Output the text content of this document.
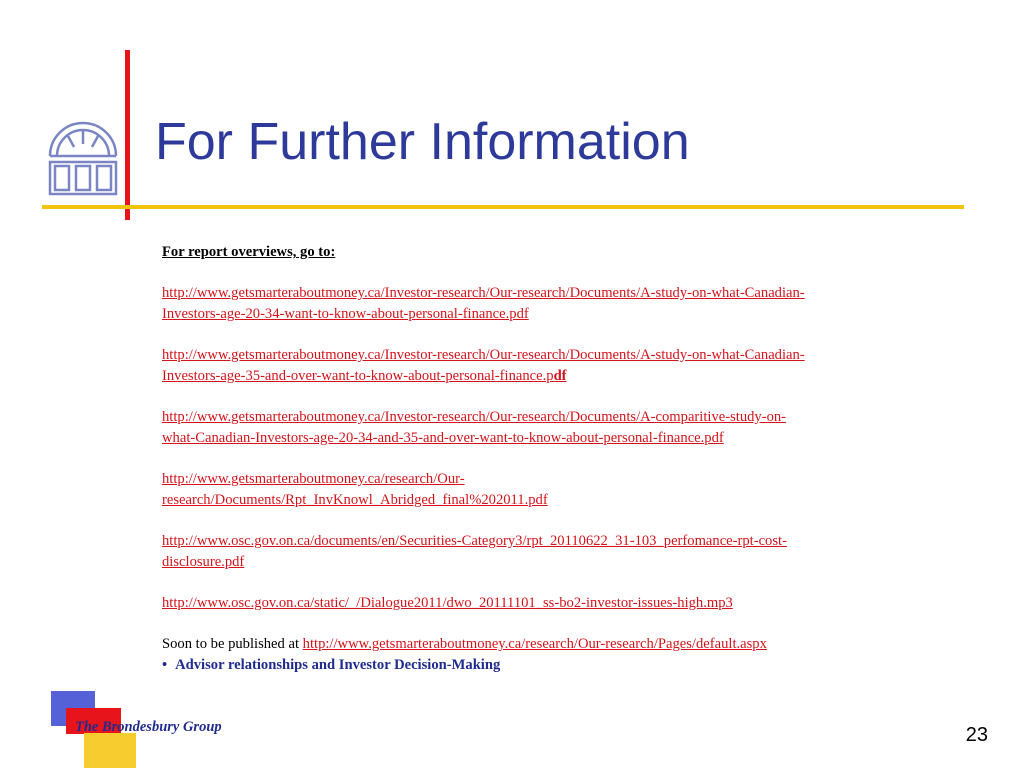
For Further Information

For report overviews, go to:

http://www.getsmarteraboutmoney.ca/Investor-research/Our-research/Documents/A-study-on-what-Canadian-
Investors-age-20-34-want-to-know-about-personal-finance.pdf

http://www.getsmarteraboutmoney.ca/Investor-research/Our-research/Documents/A-study-on-what-Canadian-
Investors-age-35-and-over-want-to-know-about-personal-finance.pdf

http://www.getsmarteraboutmoney.ca/Investor-research/Our-research/Documents/A-comparitive-study-on-
what-Canadian-Investors-age-20-34-and-35-and-over-want-to-know-about-personal-finance.pdf

http://www.getsmarteraboutmoney.ca/research/Our-
research/Documents/Rpt_InvKnowl_Abridged_final%202011.pdf

http://www.osc.gov.on.ca/documents/en/Securities-Category3/rpt_20110622_31-103_perfomance-rpt-cost-
disclosure.pdf

http://www.osc.gov.on.ca/static/_/Dialogue2011/dwo_20111101_ss-bo2-investor-issues-high.mp3

Soon to be published at http://www.getsmarteraboutmoney.ca/research/Our-research/Pages/default.aspx

• Advisor relationships and Investor Decision-Making

The Brondesbury Group	23
